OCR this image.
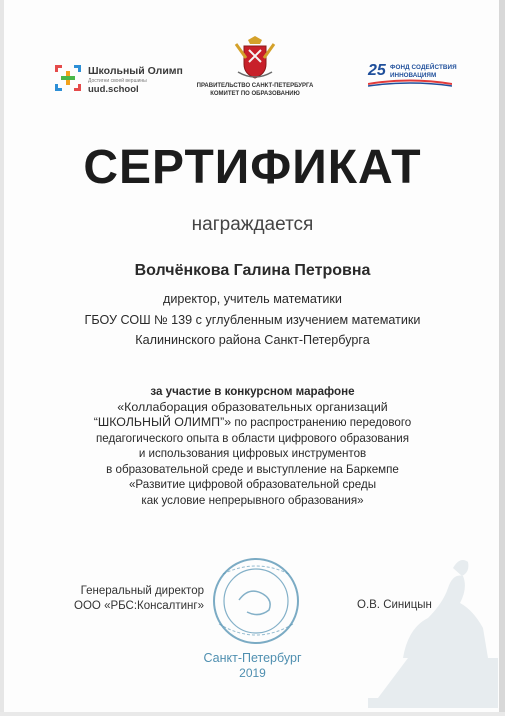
Школьный Олимп
Достигни своей вершины
uud.school	ПРАВИТЕЛЬСТВО САНКТ-ПЕТЕРБУРГА
КОМИТЕТ ПО ОБРАЗОВАНИЮ
25 ФОНД СОДЕЙСТВИЯ
ИННОВАЦИЯМ
СЕРТИФИКАТ
награждается
Волчёнкова Галина Петровна
директор, учитель математики
ГБОУ СОШ № 139 с углубленным изучением математики
Калининского района Санкт-Петербурга
за участие в конкурсном марафоне
«Коллаборация образовательных организаций
“ШКОЛЬНЫЙ ОЛИМП”» по распространению передового
педагогического опыта в области цифрового образования
и использования цифровых инструментов
в образовательной среде и выступление на Баркемпе
«Развитие цифровой образовательной среды
как условие непрерывного образования»
Генеральный директор
ООО «РБС:Консалтинг»	О.В. Синицын
Санкт-Петербург
2019
